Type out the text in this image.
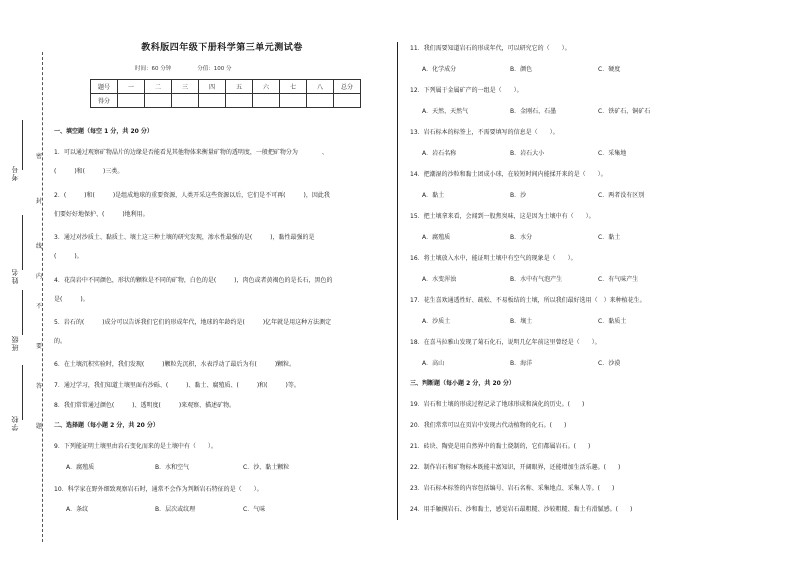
考号
姓名
班级
学校
密
封
线
内
不
要
答
题
教科版四年级下册科学第三单元测试卷
时间：60 分钟	分值：100 分
题号	一	二	三	四	五	六	七	八	总分
得分									
一、填空题（每空 1 分，共 20 分）
1．可以通过观察矿物晶片的边缘是否能看见其他物体来衡量矿物的透明度，一般把矿物分为　　　　、
(　　　)和(　　　)三类。
2．(　　　)和(　　　)是组成地球的重要资源，人类开采这些资源以后，它们是不可再(　　　)，因此我
们要好好地保护、(　　　)地利用。
3．通过对沙质土、黏质土、壤土这三种土壤的研究发现，渗水性最强的是(　　　)，黏性最强的是
(　　　)。
4．花岗岩中不同颜色，形状的颗粒是不同的矿物，白色的是(　　　)，肉色或者黄褐色的是长石，黑色的
是(　　　)。
5．岩石的(　　　)成分可以告诉我们它们的形成年代，地球的年龄约是(　　　)亿年就是用这种方法测定
的。
6．在土壤沉积实验时，我们发现(　　　)颗粒先沉积，水表浮动了最后为有(　　　)颗粒。
7．通过学习，我们知道土壤里面有沙砾、(　　　)、黏土、腐殖质、(　　　)和(　　　)等。
8．我们常常通过颜色(　　　)、透明度(　　　)来观察、描述矿物。
二、选择题（每小题 2 分，共 20 分）
9．下列能证明土壤里由岩石变化而来的是土壤中有（　　）。
A．腐殖质	B．水和空气	C．沙、黏土颗粒
10．科学家在野外细致观察岩石时，通常不会作为判断岩石特征的是（　　）。
A．条纹	B．层次或纹理	C．气味
11．我们需要知道岩石的形成年代，可以研究它的（　　）。
A．化学成分	B．颜色	C．硬度
12．下列属于金属矿产的一组是（　　）。
A．天然、天然气	B．金刚石、石墨	C．铁矿石、铜矿石
13．岩石标本的标签上，不需要填写的信息是（　　）。
A．岩石名称	B．岩石大小	C．采集地
14．把潮湿的沙粒和黏土团成小球，在较短时间内能揉开来的是（　　）。
A．黏土	B．沙	C．两者没有区别
15．把土壤拿来看，会闻到一股焦臭味，这是因为土壤中有（　　）。
A．腐殖质	B．水分	C．黏土
16．将土壤放入水中，能证明土壤中有空气的现象是（　　）。
A．水变浑浊	B．水中有气泡产生	C．有气味产生
17．花生喜欢通透性好、疏松、不易板结的土壤，所以我们最好选用（　）来种植花生。
A．沙质土	B．壤土	C．黏质土
18．在喜马拉雅山发现了菊石化石，说明几亿年前这里曾经是（　　）。
A．高山	B．海洋	C．沙漠
三、判断题（每小题 2 分，共 20 分）
19．岩石和土壤的形成过程记录了地球形成和演化的历史。(　　)
20．我们常常可以在页岩中发现古代动植物的化石。(　　)
21．砖块、陶瓷是用自然界中的黏土烧制的，它们都属岩石。(　　)
22．制作岩石和矿物标本既能丰富知识，开阔眼界，还能增加生活乐趣。(　　)
23．岩石标本标签的内容包括编号、岩石名称、采集地点、采集人等。(　　)
24．用手触摸岩石、沙和黏土，感觉岩石最粗糙、沙较粗糙、黏土有滑腻感。(　　)
